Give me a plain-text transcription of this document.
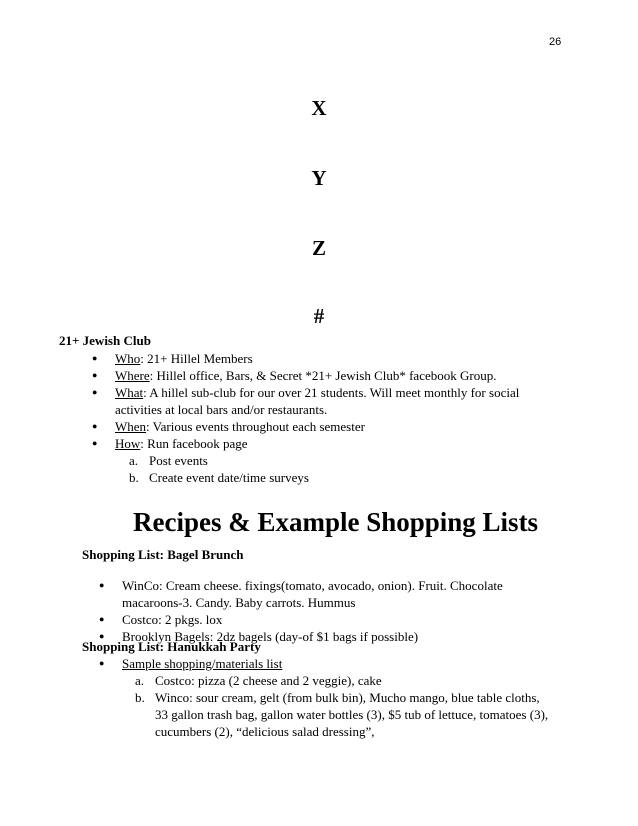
26
X
Y
Z
#
21+ Jewish Club
● Who: 21+ Hillel Members
● Where: Hillel office, Bars, & Secret *21+ Jewish Club* facebook Group.
● What: A hillel sub-club for our over 21 students. Will meet monthly for social activities at local bars and/or restaurants.
● When: Various events throughout each semester
● How: Run facebook page
a. Post events
b. Create event date/time surveys
Recipes & Example Shopping Lists
Shopping List: Bagel Brunch
● WinCo: Cream cheese. fixings(tomato, avocado, onion). Fruit. Chocolate macaroons-3. Candy. Baby carrots. Hummus
● Costco: 2 pkgs. lox
● Brooklyn Bagels: 2dz bagels (day-of $1 bags if possible)
Shopping List: Hanukkah Party
● Sample shopping/materials list
a. Costco: pizza (2 cheese and 2 veggie), cake
b. Winco: sour cream, gelt (from bulk bin), Mucho mango, blue table cloths, 33 gallon trash bag, gallon water bottles (3), $5 tub of lettuce, tomatoes (3), cucumbers (2), “delicious salad dressing”,
